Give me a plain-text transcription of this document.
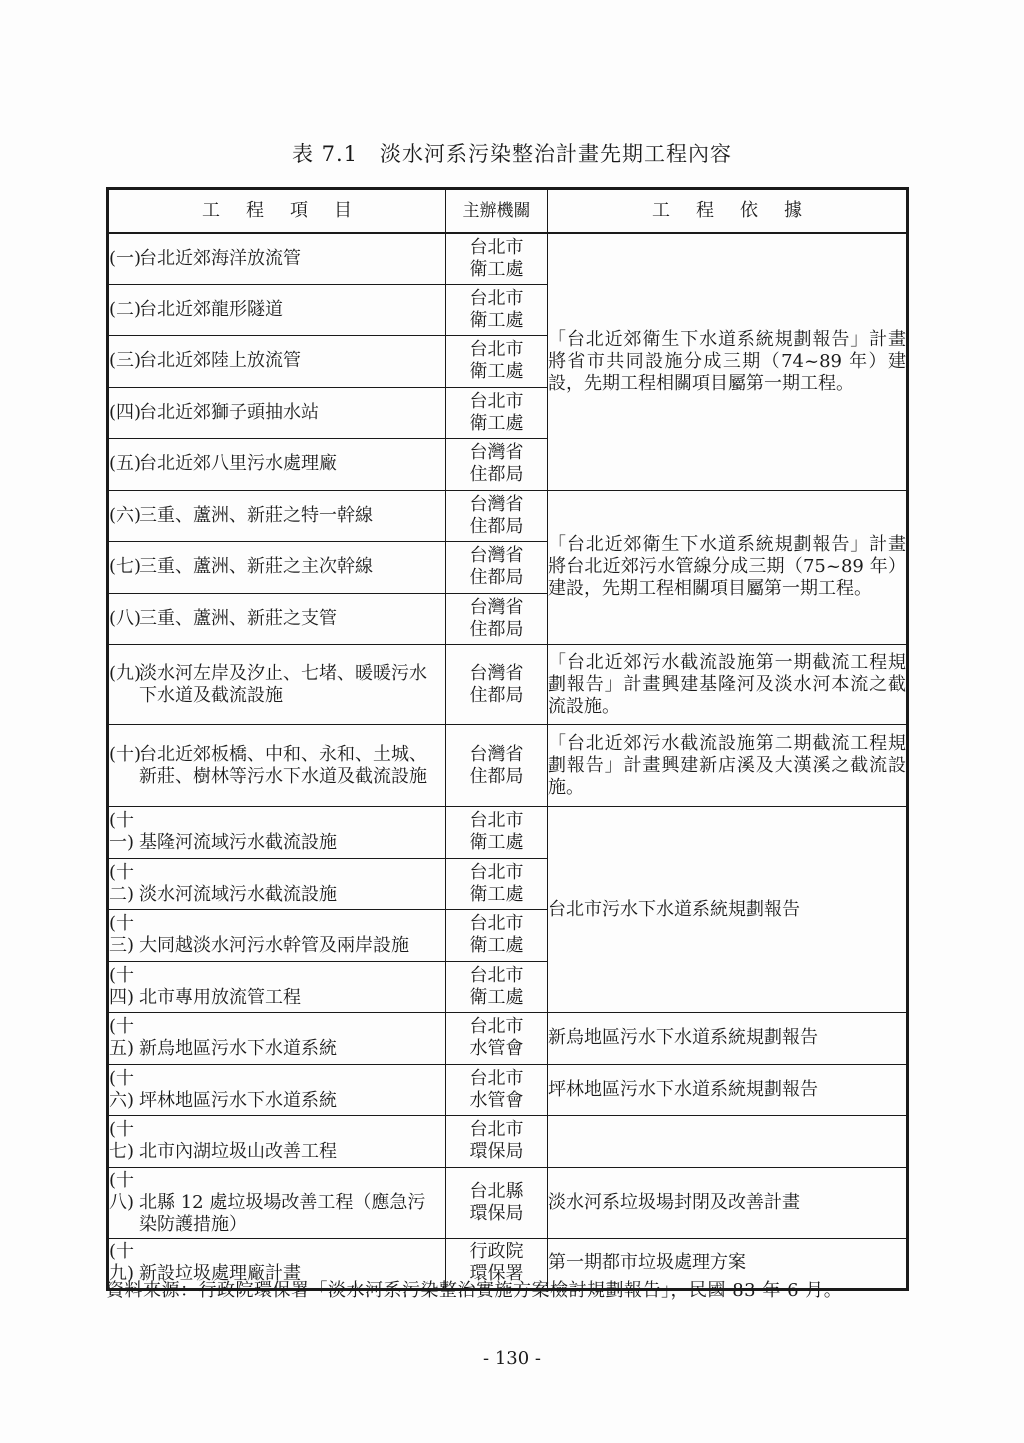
表 7.1 淡水河系污染整治計畫先期工程內容
工程項目	主辦機關	工程依據
(一)台北近郊海洋放流管	台北市
衛工處	「台北近郊衛生下水道系統規劃報告」計畫將省市共同設施分成三期（74~89 年）建設，先期工程相關項目屬第一期工程。
(二)台北近郊龍形隧道	台北市
衛工處	

(三)台北近郊陸上放流管	台北市
衛工處	

(四)台北近郊獅子頭抽水站	台北市
衛工處	

(五)台北近郊八里污水處理廠	台灣省
住都局	

(六)三重、蘆洲、新莊之特一幹線	台灣省
住都局	「台北近郊衛生下水道系統規劃報告」計畫將台北近郊污水管線分成三期（75~89 年）建設，先期工程相關項目屬第一期工程。
(七)三重、蘆洲、新莊之主次幹線	台灣省
住都局	

(八)三重、蘆洲、新莊之支管	台灣省
住都局	

(九)淡水河左岸及汐止、七堵、暖暖污水
下水道及截流設施	台灣省
住都局	「台北近郊污水截流設施第一期截流工程規劃報告」計畫興建基隆河及淡水河本流之截流設施。
(十)台北近郊板橋、中和、永和、土城、
新莊、樹林等污水下水道及截流設施	台灣省
住都局	「台北近郊污水截流設施第二期截流工程規劃報告」計畫興建新店溪及大漢溪之截流設施。
(十一) 基隆河流域污水截流設施	台北市
衛工處	台北市污水下水道系統規劃報告
(十二) 淡水河流域污水截流設施	台北市
衛工處	

(十三) 大同越淡水河污水幹管及兩岸設施	台北市
衛工處	

(十四) 北市專用放流管工程	台北市
衛工處	

(十五) 新烏地區污水下水道系統	台北市
水管會	新烏地區污水下水道系統規劃報告
(十六) 坪林地區污水下水道系統	台北市
水管會	坪林地區污水下水道系統規劃報告
(十七) 北市內湖垃圾山改善工程	台北市
環保局	

(十八) 北縣 12 處垃圾場改善工程（應急污
染防護措施）	台北縣
環保局	淡水河系垃圾場封閉及改善計畫
(十九) 新設垃圾處理廠計畫	行政院
環保署	第一期都市垃圾處理方案
資料來源：行政院環保署「淡水河系污染整治實施方案檢討規劃報告」，民國 83 年 6 月。
- 130 -
